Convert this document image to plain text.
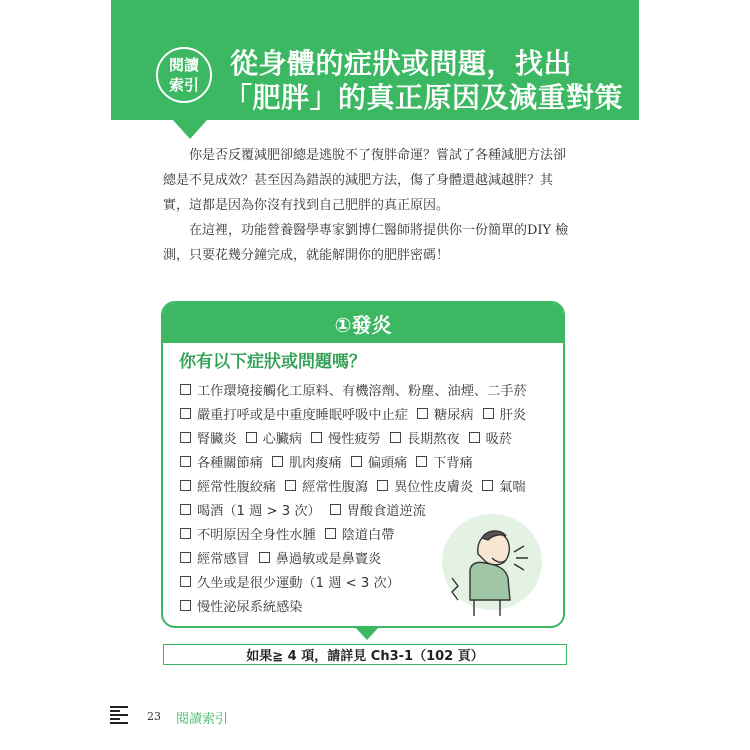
閱讀
索引
從身體的症狀或問題，找出
「肥胖」的真正原因及減重對策

你是否反覆減肥卻總是逃脫不了復胖命運？嘗試了各種減肥方法卻總是不見成效？甚至因為錯誤的減肥方法，傷了身體還越減越胖？其實，這都是因為你沒有找到自己肥胖的真正原因。

在這裡，功能營養醫學專家劉博仁醫師將提供你一份簡單的DIY 檢測，只要花幾分鐘完成，就能解開你的肥胖密碼！

①發炎
你有以下症狀或問題嗎？
工作環境接觸化工原料、有機溶劑、粉塵、油煙、二手菸
嚴重打呼或是中重度睡眠呼吸中止症 糖尿病 肝炎
腎臟炎 心臟病 慢性疲勞 長期熬夜 吸菸
各種關節痛 肌肉痠痛 偏頭痛 下背痛
經常性腹絞痛 經常性腹瀉 異位性皮膚炎 氣喘
喝酒（1 週 > 3 次） 胃酸食道逆流
不明原因全身性水腫 陰道白帶
經常感冒 鼻過敏或是鼻竇炎
久坐或是很少運動（1 週 < 3 次）
慢性泌尿系統感染
如果≧ 4 項，請詳見 Ch3-1（102 頁）
23 閱讀索引
